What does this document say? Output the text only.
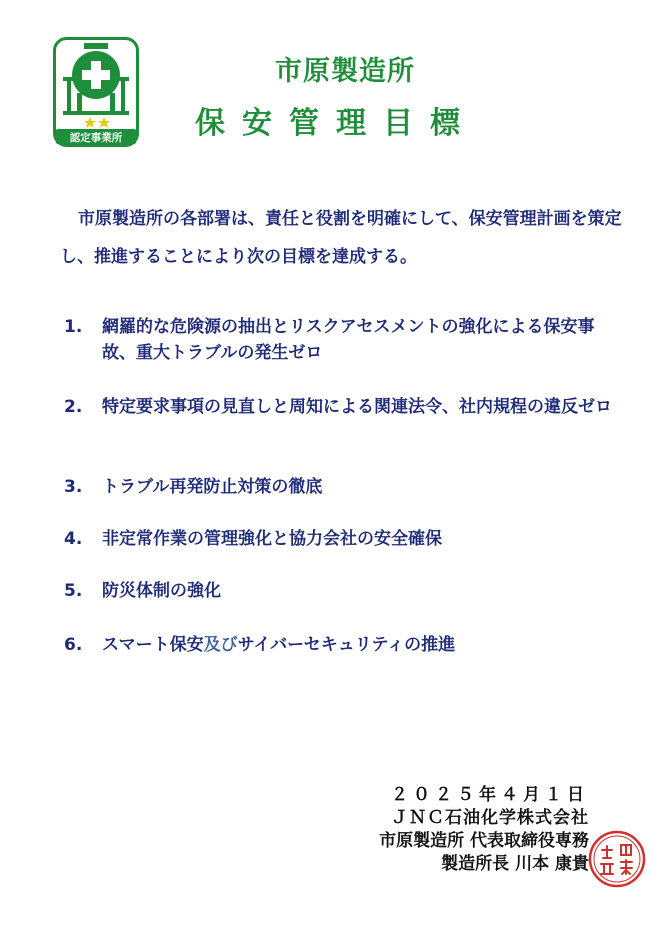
認定事業所
市原製造所
保安管理目標
市原製造所の各部署は、責任と役割を明確にして、保安管理計画を策定し、推進することにより次の目標を達成する。
1.	網羅的な危険源の抽出とリスクアセスメントの強化による保安事故、重大トラブルの発生ゼロ
2.	特定要求事項の見直しと周知による関連法令、社内規程の違反ゼロ
3.	トラブル再発防止対策の徹底
4.	非定常作業の管理強化と協力会社の安全確保
5.	防災体制の強化
6.	スマート保安及びサイバーセキュリティの推進
２０２５年４月１日
ＪＮＣ石油化学株式会社
市原製造所 代表取締役専務
製造所長 川本 康貴
